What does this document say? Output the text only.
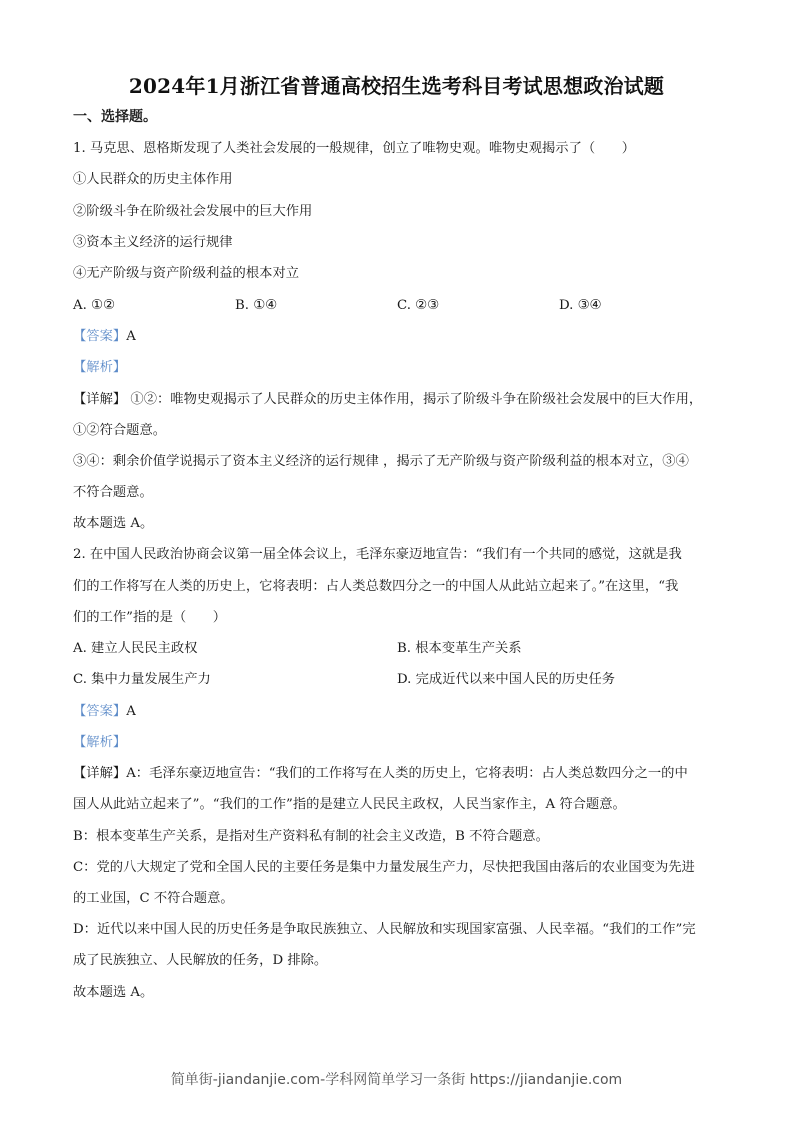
2024年1月浙江省普通高校招生选考科目考试思想政治试题
一、选择题。
1. 马克思、恩格斯发现了人类社会发展的一般规律，创立了唯物史观。唯物史观揭示了（　　）
①人民群众的历史主体作用
②阶级斗争在阶级社会发展中的巨大作用
③资本主义经济的运行规律
④无产阶级与资产阶级利益的根本对立
A. ①②	B. ①④	C. ②③	D. ③④
【答案】A
【解析】
【详解】 ①②：唯物史观揭示了人民群众的历史主体作用，揭示了阶级斗争在阶级社会发展中的巨大作用，
①②符合题意。
③④：剩余价值学说揭示了资本主义经济的运行规律 ，揭示了无产阶级与资产阶级利益的根本对立，③④
不符合题意。
故本题选 A。
2. 在中国人民政治协商会议第一届全体会议上，毛泽东豪迈地宣告：“我们有一个共同的感觉，这就是我
们的工作将写在人类的历史上，它将表明：占人类总数四分之一的中国人从此站立起来了。”在这里，“我
们的工作”指的是（　　）
A. 建立人民民主政权	B. 根本变革生产关系
C. 集中力量发展生产力	D. 完成近代以来中国人民的历史任务
【答案】A
【解析】
【详解】A：毛泽东豪迈地宣告：“我们的工作将写在人类的历史上，它将表明：占人类总数四分之一的中
国人从此站立起来了”。“我们的工作”指的是建立人民民主政权，人民当家作主，A 符合题意。
B：根本变革生产关系，是指对生产资料私有制的社会主义改造，B 不符合题意。
C：党的八大规定了党和全国人民的主要任务是集中力量发展生产力，尽快把我国由落后的农业国变为先进
的工业国，C 不符合题意。
D：近代以来中国人民的历史任务是争取民族独立、人民解放和实现国家富强、人民幸福。“我们的工作”完
成了民族独立、人民解放的任务，D 排除。
故本题选 A。
简单街-jiandanjie.com-学科网简单学习一条街 https://jiandanjie.com
